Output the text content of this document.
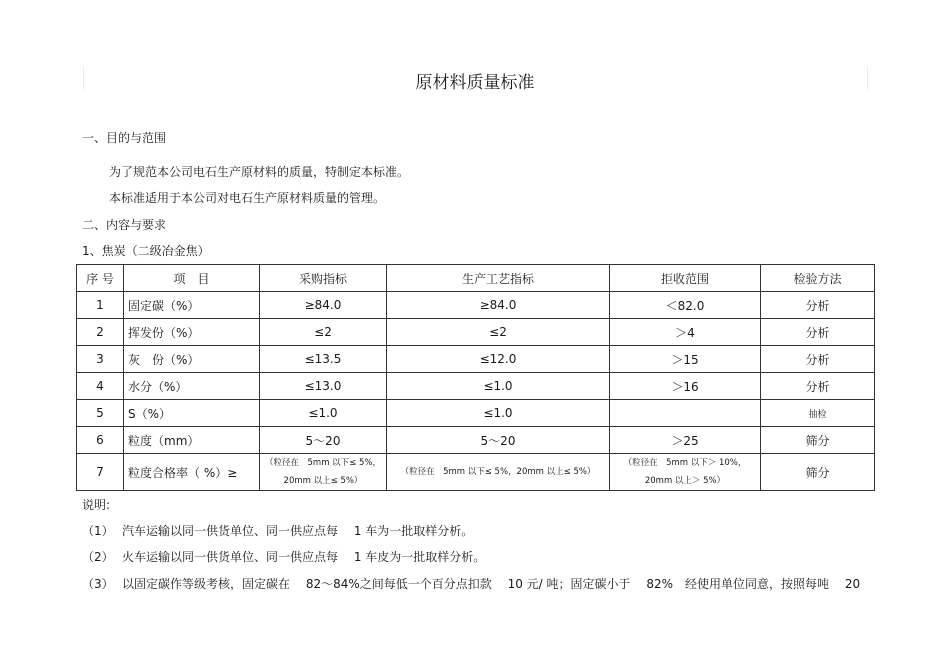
原材料质量标准
一、目的与范围
为了规范本公司电石生产原材料的质量，特制定本标准。
本标准适用于本公司对电石生产原材料质量的管理。
二、内容与要求
1、焦炭（二级冶金焦）
序 号	项　目	采购指标	生产工艺指标	拒收范围	检验方法
1	固定碳（%）	≥84.0	≥84.0	＜82.0	分析
2	挥发份（%）	≤2	≤2	＞4	分析
3	灰　份（%）	≤13.5	≤12.0	＞15	分析
4	水分（%）	≤13.0	≤1.0	＞16	分析
5	S（%）	≤1.0	≤1.0		抽检
6	粒度（mm）	5～20	5～20	＞25	筛分
7	粒度合格率（ %）≥	（粒径在　5mm 以下≤ 5%，20mm 以上≤ 5%）	（粒径在　5mm 以下≤ 5%，20mm 以上≤ 5%）	（粒径在　5mm 以下＞ 10%，20mm 以上＞ 5%）	筛分
说明:
（1） 汽车运输以同一供货单位、同一供应点每　 1 车为一批取样分析。
（2） 火车运输以同一供货单位、同一供应点每　 1 车皮为一批取样分析。
（3） 以固定碳作等级考核，固定碳在　 82～84%之间每低一个百分点扣款　 10 元/ 吨；固定碳小于　 82%　经使用单位同意，按照每吨　 20
